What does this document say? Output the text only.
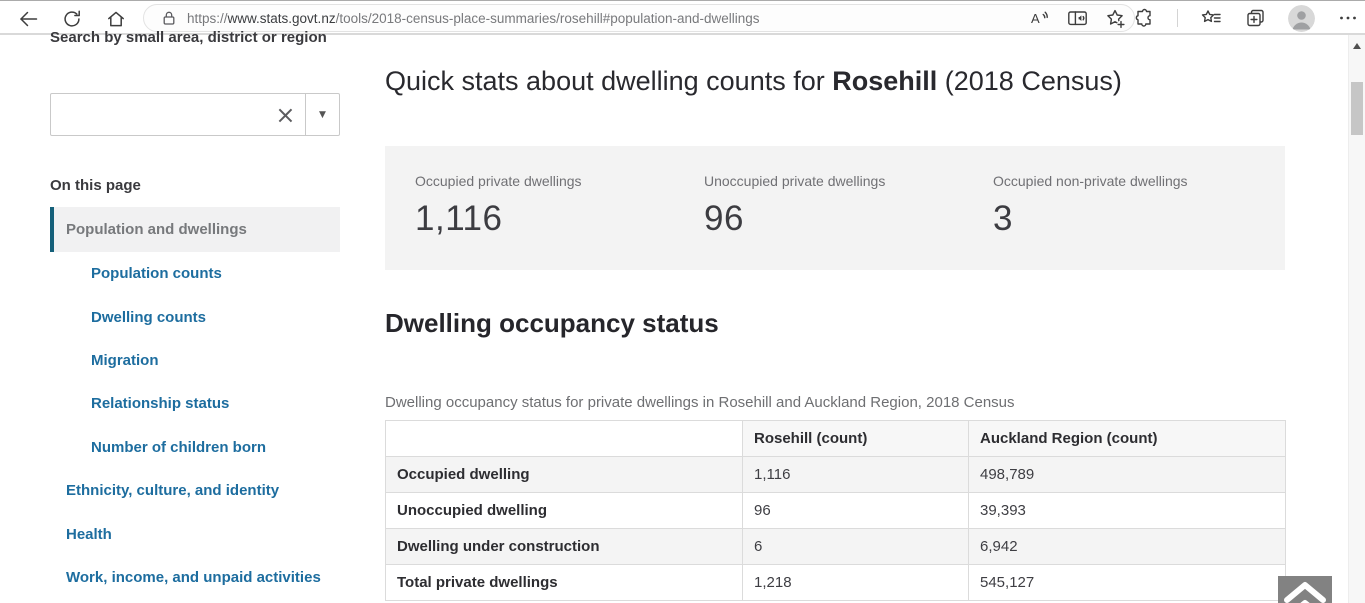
https://www.stats.govt.nz/tools/2018-census-place-summaries/rosehill#population-and-dwellings	A
Search by small area, district or region
×	▼
On this page
Population and dwellings
Population counts
Dwelling counts
Migration
Relationship status
Number of children born
Ethnicity, culture, and identity
Health
Work, income, and unpaid activities
Quick stats about dwelling counts for Rosehill (2018 Census)
Occupied private dwellings
1,116
Unoccupied private dwellings
96
Occupied non-private dwellings
3
Dwelling occupancy status
Dwelling occupancy status for private dwellings in Rosehill and Auckland Region, 2018 Census
	Rosehill (count)	Auckland Region (count)
Occupied dwelling	1,116	498,789
Unoccupied dwelling	96	39,393
Dwelling under construction	6	6,942
Total private dwellings	1,218	545,127
